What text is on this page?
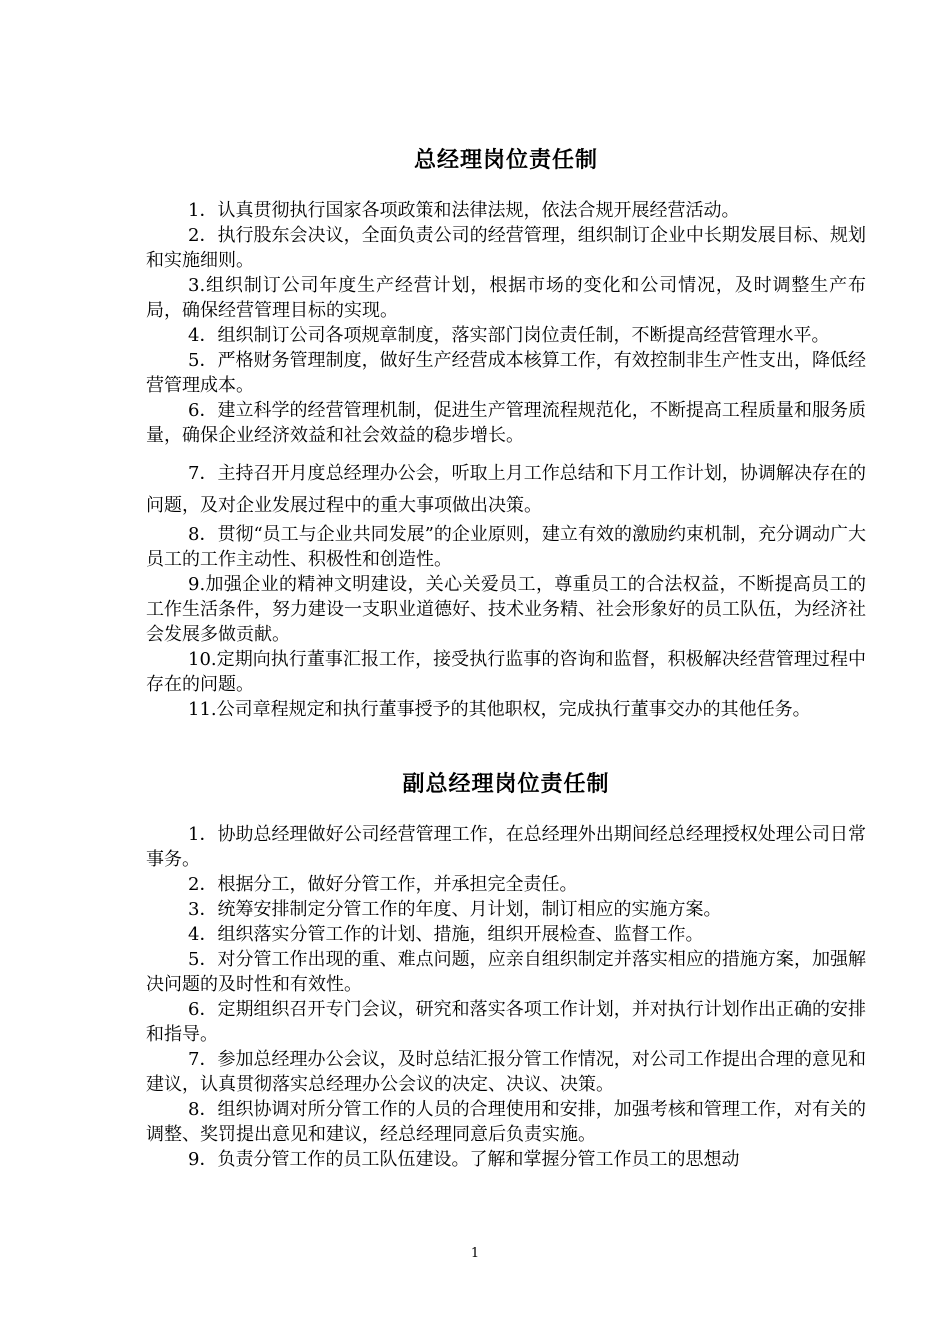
总经理岗位责任制

1．认真贯彻执行国家各项政策和法律法规，依法合规开展经营活动。

2．执行股东会决议，全面负责公司的经营管理，组织制订企业中长期发展目标、规划和实施细则。

3.组织制订公司年度生产经营计划，根据市场的变化和公司情况，及时调整生产布局，确保经营管理目标的实现。

4．组织制订公司各项规章制度，落实部门岗位责任制，不断提高经营管理水平。

5．严格财务管理制度，做好生产经营成本核算工作，有效控制非生产性支出，降低经营管理成本。

6．建立科学的经营管理机制，促进生产管理流程规范化，不断提高工程质量和服务质量，确保企业经济效益和社会效益的稳步增长。

7．主持召开月度总经理办公会，听取上月工作总结和下月工作计划，协调解决存在的问题，及对企业发展过程中的重大事项做出决策。

8．贯彻“员工与企业共同发展”的企业原则，建立有效的激励约束机制，充分调动广大员工的工作主动性、积极性和创造性。

9.加强企业的精神文明建设，关心关爱员工，尊重员工的合法权益，不断提高员工的工作生活条件，努力建设一支职业道德好、技术业务精、社会形象好的员工队伍，为经济社会发展多做贡献。

10.定期向执行董事汇报工作，接受执行监事的咨询和监督，积极解决经营管理过程中存在的问题。

11.公司章程规定和执行董事授予的其他职权，完成执行董事交办的其他任务。

副总经理岗位责任制

1．协助总经理做好公司经营管理工作，在总经理外出期间经总经理授权处理公司日常事务。

2．根据分工，做好分管工作，并承担完全责任。

3．统筹安排制定分管工作的年度、月计划，制订相应的实施方案。

4．组织落实分管工作的计划、措施，组织开展检查、监督工作。

5．对分管工作出现的重、难点问题，应亲自组织制定并落实相应的措施方案，加强解决问题的及时性和有效性。

6．定期组织召开专门会议，研究和落实各项工作计划，并对执行计划作出正确的安排和指导。

7．参加总经理办公会议，及时总结汇报分管工作情况，对公司工作提出合理的意见和建议，认真贯彻落实总经理办公会议的决定、决议、决策。

8．组织协调对所分管工作的人员的合理使用和安排，加强考核和管理工作，对有关的调整、奖罚提出意见和建议，经总经理同意后负责实施。

9．负责分管工作的员工队伍建设。了解和掌握分管工作员工的思想动

1
